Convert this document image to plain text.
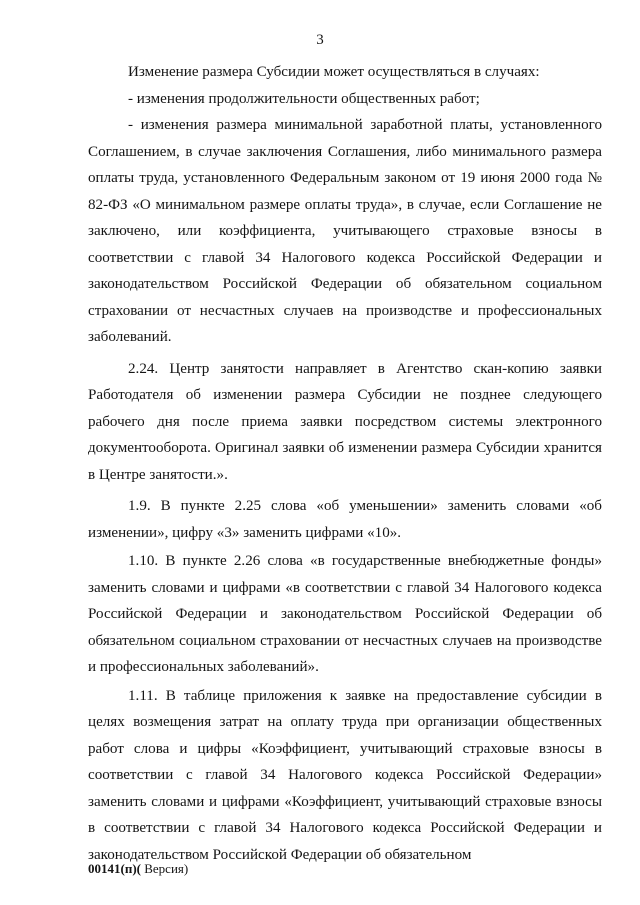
3

Изменение размера Субсидии может осуществляться в случаях:

- изменения продолжительности общественных работ;

- изменения размера минимальной заработной платы, установленного Соглашением, в случае заключения Соглашения, либо минимального размера оплаты труда, установленного Федеральным законом от 19 июня 2000 года № 82-ФЗ «О минимальном размере оплаты труда», в случае, если Соглашение не заключено, или коэффициента, учитывающего страховые взносы в соответствии с главой 34 Налогового кодекса Российской Федерации и законодательством Российской Федерации об обязательном социальном страховании от несчастных случаев на производстве и профессиональных заболеваний.

2.24. Центр занятости направляет в Агентство скан-копию заявки Работодателя об изменении размера Субсидии не позднее следующего рабочего дня после приема заявки посредством системы электронного документооборота. Оригинал заявки об изменении размера Субсидии хранится в Центре занятости.».

1.9. В пункте 2.25 слова «об уменьшении» заменить словами «об изменении», цифру «3» заменить цифрами «10».

1.10. В пункте 2.26 слова «в государственные внебюджетные фонды» заменить словами и цифрами «в соответствии с главой 34 Налогового кодекса Российской Федерации и законодательством Российской Федерации об обязательном социальном страховании от несчастных случаев на производстве и профессиональных заболеваний».

1.11. В таблице приложения к заявке на предоставление субсидии в целях возмещения затрат на оплату труда при организации общественных работ слова и цифры «Коэффициент, учитывающий страховые взносы в соответствии с главой 34 Налогового кодекса Российской Федерации» заменить словами и цифрами «Коэффициент, учитывающий страховые взносы в соответствии с главой 34 Налогового кодекса Российской Федерации и законодательством Российской Федерации об обязательном

00141(п)( Версия)
